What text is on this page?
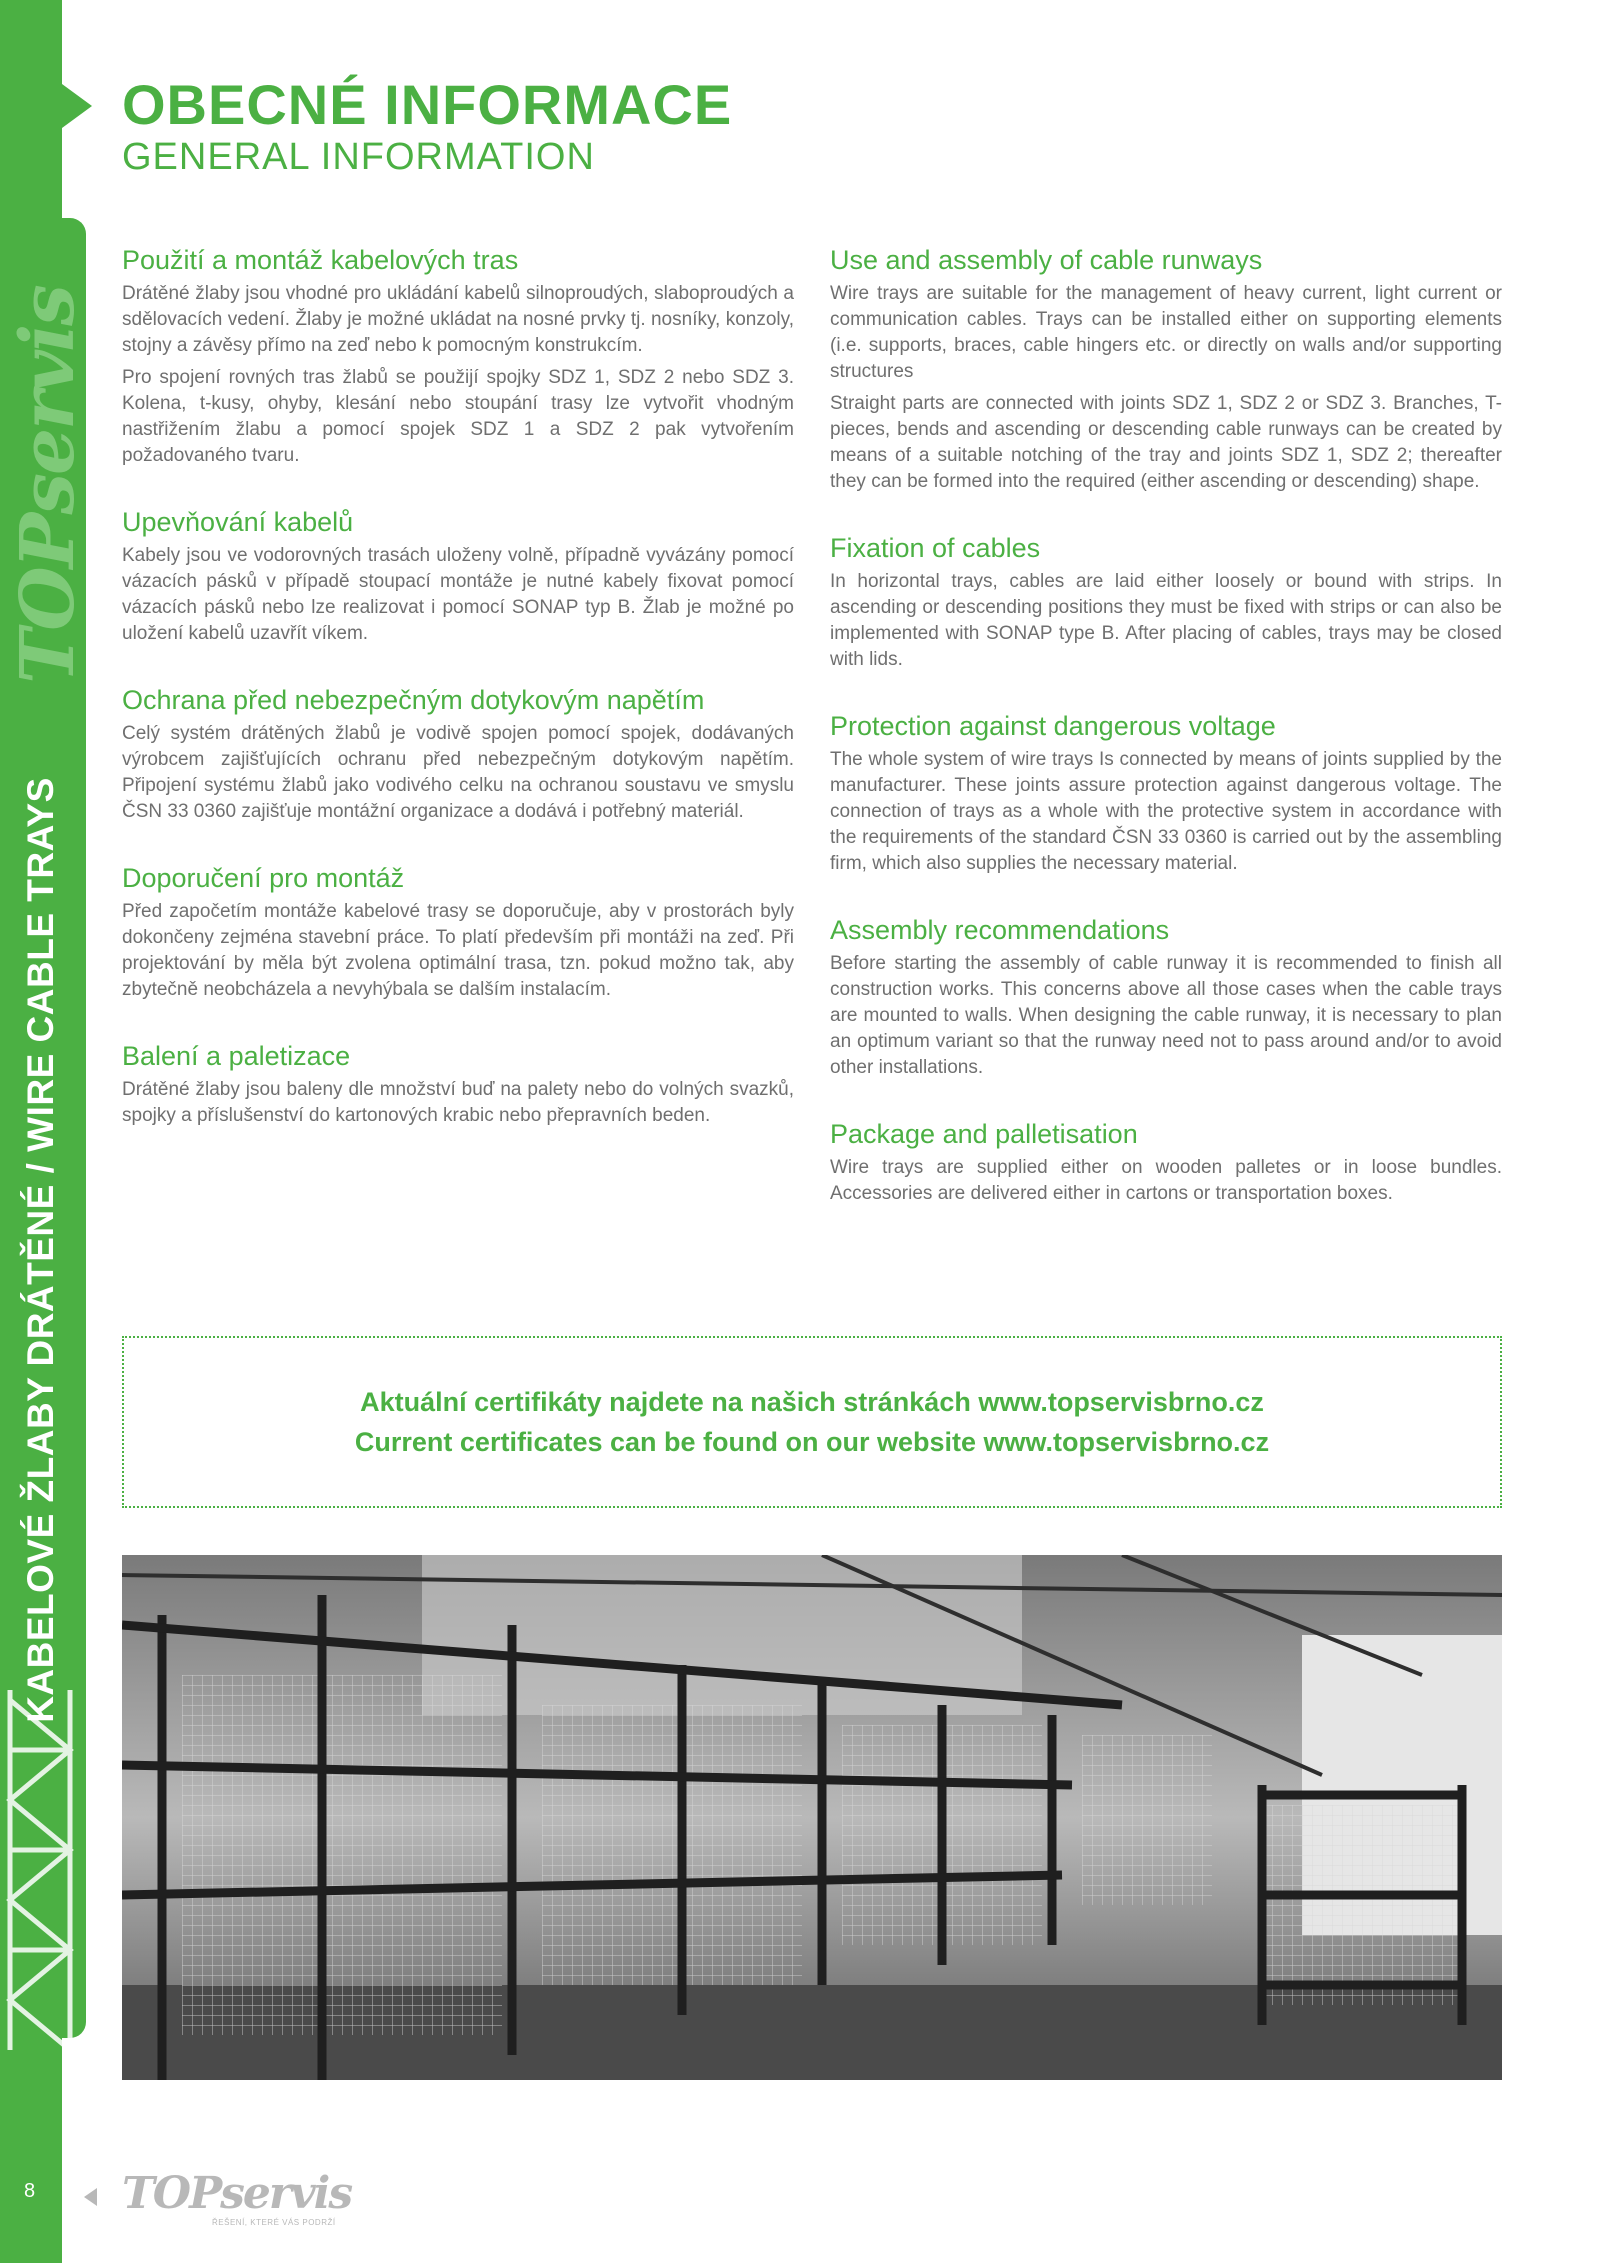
TOPservis
KABELOVÉ ŽLABY DRÁTĚNÉ / WIRE CABLE TRAYS
8
OBECNÉ INFORMACE
GENERAL INFORMATION
Použití a montáž kabelových tras

Drátěné žlaby jsou vhodné pro ukládání kabelů silnoproudých, slaboproudých a sdělovacích vedení. Žlaby je možné ukládat na nosné prvky tj. nosníky, konzoly, stojny a závěsy přímo na zeď nebo k pomocným konstrukcím.

Pro spojení rovných tras žlabů se použijí spojky SDZ 1, SDZ 2 nebo SDZ 3. Kolena, t-kusy, ohyby, klesání nebo stoupání trasy lze vytvořit vhodným nastřižením žlabu a pomocí spojek SDZ 1 a SDZ 2 pak vytvořením požadovaného tvaru.

Upevňování kabelů

Kabely jsou ve vodorovných trasách uloženy volně, případně vyvázány pomocí vázacích pásků v případě stoupací montáže je nutné kabely fixovat pomocí vázacích pásků nebo lze realizovat i pomocí SONAP typ B. Žlab je možné po uložení kabelů uzavřít víkem.

Ochrana před nebezpečným dotykovým napětím

Celý systém drátěných žlabů je vodivě spojen pomocí spojek, dodávaných výrobcem zajišťujících ochranu před nebezpečným dotykovým napětím. Připojení systému žlabů jako vodivého celku na ochranou soustavu ve smyslu ČSN 33 0360 zajišťuje montážní organizace a dodává i potřebný materiál.

Doporučení pro montáž

Před započetím montáže kabelové trasy se doporučuje, aby v prostorách byly dokončeny zejména stavební práce. To platí především při montáži na zeď. Při projektování by měla být zvolena optimální trasa, tzn. pokud možno tak, aby zbytečně neobcházela a nevyhýbala se dalším instalacím.

Balení a paletizace

Drátěné žlaby jsou baleny dle množství buď na palety nebo do volných svazků, spojky a příslušenství do kartonových krabic nebo přepravních beden.

Use and assembly of cable runways

Wire trays are suitable for the management of heavy current, light current or communication cables. Trays can be installed either on supporting elements (i.e. supports, braces, cable hingers etc. or directly on walls and/or supporting structures

Straight parts are connected with joints SDZ 1, SDZ 2 or SDZ 3. Branches, T-pieces, bends and ascending or descending cable runways can be created by means of a suitable notching of the tray and joints SDZ 1, SDZ 2; thereafter they can be formed into the required (either ascending or descending) shape.

Fixation of cables

In horizontal trays, cables are laid either loosely or bound with strips. In ascending or descending positions they must be fixed with strips or can also be implemented with SONAP type B. After placing of cables, trays may be closed with lids.

Protection against dangerous voltage

The whole system of wire trays Is connected by means of joints supplied by the manufacturer. These joints assure protection against dangerous voltage. The connection of trays as a whole with the protective system in accordance with the requirements of the standard ČSN 33 0360 is carried out by the assembling firm, which also supplies the necessary material.

Assembly recommendations

Before starting the assembly of cable runway it is recommended to finish all construction works. This concerns above all those cases when the cable trays are mounted to walls. When designing the cable runway, it is necessary to plan an optimum variant so that the runway need not to pass around and/or to avoid other installations.

Package and palletisation

Wire trays are supplied either on wooden palletes or in loose bundles. Accessories are delivered either in cartons or transportation boxes.

Aktuální certifikáty najdete na našich stránkách www.topservisbrno.cz
Current certificates can be found on our website www.topservisbrno.cz
TOPservis
ŘEŠENÍ, KTERÉ VÁS PODRŽÍ
